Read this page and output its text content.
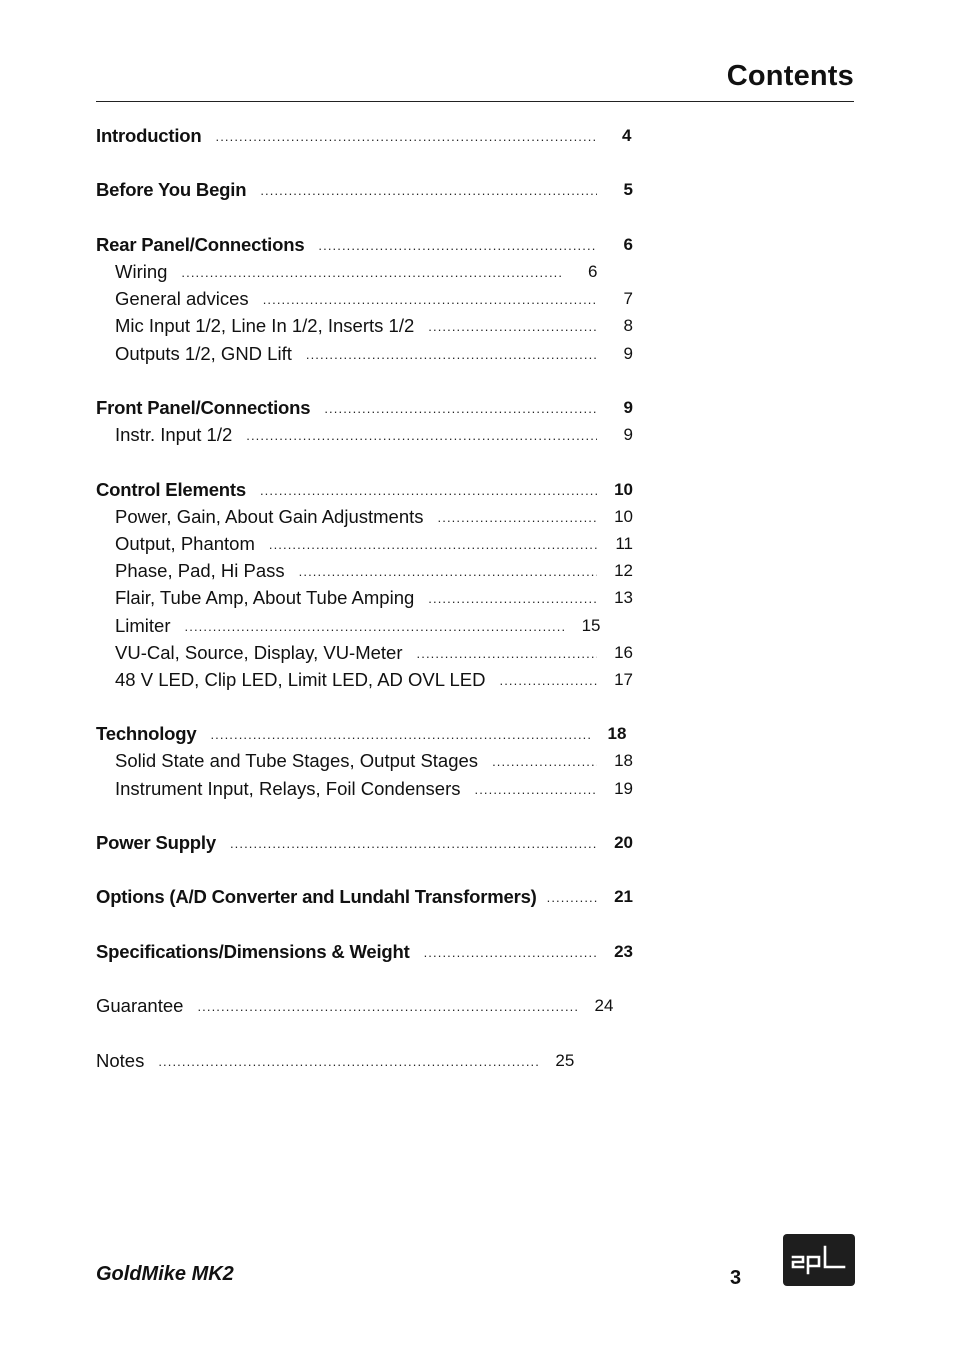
Contents
Introduction .....	4
Before You Begin .....	5
Rear Panel/Connections .....	6
Wiring .....	6
General advices .....	7
Mic Input 1/2, Line In 1/2, Inserts 1/2 .....	8
Outputs 1/2, GND Lift .....	9
Front Panel/Connections .....	9
Instr. Input 1/2 .....	9
Control Elements .....	10
Power, Gain, About Gain Adjustments .....	10
Output, Phantom .....	11
Phase, Pad, Hi Pass .....	12
Flair, Tube Amp, About Tube Amping .....	13
Limiter .....	15
VU-Cal, Source, Display, VU-Meter .....	16
48 V LED, Clip LED, Limit LED, AD OVL LED .....	17
Technology .....	18
Solid State and Tube Stages, Output Stages .....	18
Instrument Input, Relays, Foil Condensers .....	19
Power Supply .....	20
Options (A/D Converter and Lundahl Transformers) .....	21
Specifications/Dimensions & Weight .....	23
Guarantee .....	24
Notes .....	25
GoldMike MK2	3
